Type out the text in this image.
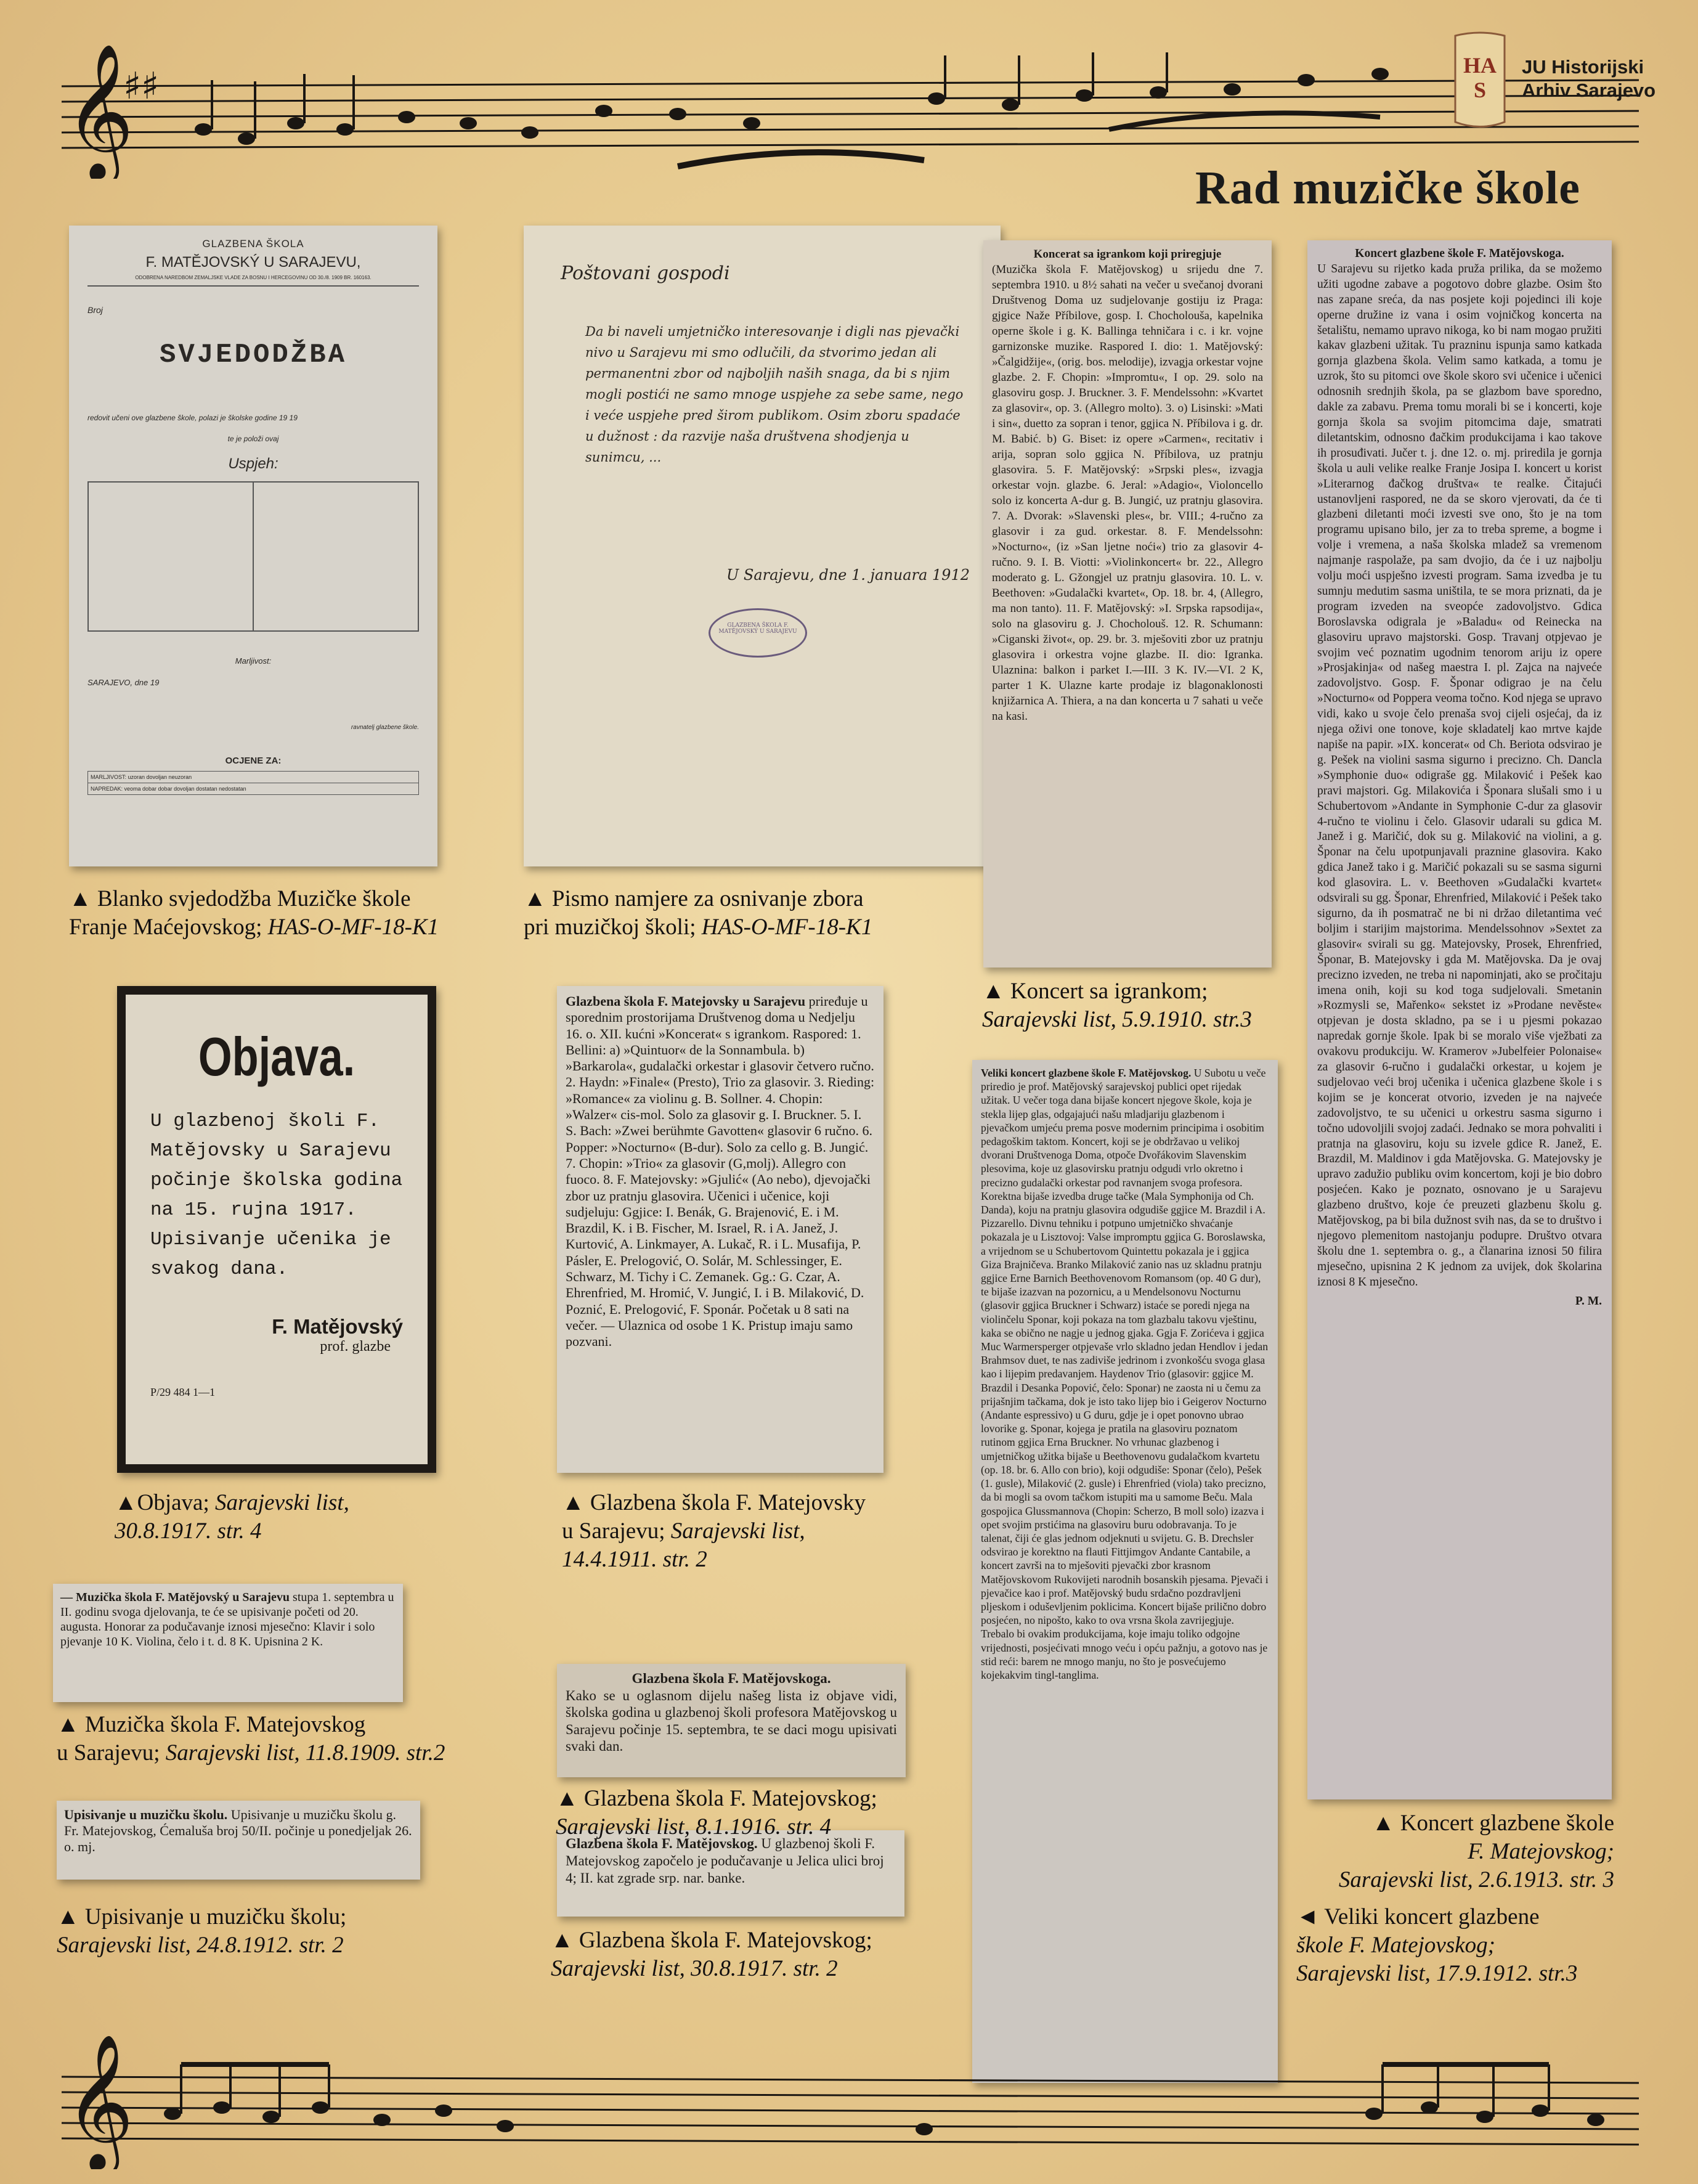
𝄞
♯♯	HA
S
JU Historijski
Arhiv Sarajevo
Rad muzičke škole
GLAZBENA ŠKOLA
F. MATĔJOVSKÝ U SARAJEVU,
ODOBRENA NAREDBOM ZEMALJSKE VLADE ZA BOSNU I HERCEGOVINU OD 30./8. 1909 BR. 160163.
Broj
SVJEDODŽBA
redovit učeni ove glazbene škole, polazi je školske godine 19 19
te je položi ovaj
Uspjeh:
Marljivost:
SARAJEVO, dne 19
ravnatelj glazbene škole.
OCJENE ZA:
MARLJIVOST: uzoran dovoljan neuzoran
NAPREDAK: veoma dobar dobar dovoljan dostatan nedostatan
Poštovani gospodi
Da bi naveli umjetničko interesovanje i digli nas pjevački nivo u Sarajevu mi smo odlučili, da stvorimo jedan ali permanentni zbor od najboljih naših snaga, da bi s njim mogli postići ne samo mnoge uspjehe za sebe same, nego i veće uspjehe pred širom publikom. Osim zboru spadaće u dužnost : da razvije naša društvena shodjenja u sunimcu, ...
U Sarajevu, dne 1. januara 1912
GLAZBENA ŠKOLA F. MATĔJOVSKÝ U SARAJEVU
Koncerat sa igrankom koji priregjuje

(Muzička škola F. Matějovskog) u srijedu dne 7. septembra 1910. u 8½ sahati na večer u svečanoj dvorani Društvenog Doma uz sudjelovanje gostiju iz Praga: gjgice Naže Příbilove, gosp. I. Chocholouša, kapelnika operne škole i g. K. Ballinga tehničara i c. i kr. vojne garnizonske muzike. Raspored I. dio: 1. Matějovský: »Čalgidžije«, (orig. bos. melodije), izvagja orkestar vojne glazbe. 2. F. Chopin: »Impromtu«, I op. 29. solo na glasoviru gosp. J. Bruckner. 3. F. Mendelssohn: »Kvartet za glasovir«, op. 3. (Allegro molto). 3. o) Lisinski: »Mati i sin«, duetto za sopran i tenor, ggjica N. Příbilova i g. dr. M. Babić. b) G. Biset: iz opere »Carmen«, recitativ i arija, sopran solo ggjica N. Příbilova, uz pratnju glasovira. 5. F. Matějovský: »Srpski ples«, izvagja orkestar vojn. glazbe. 6. Jeral: »Adagio«, Violoncello solo iz koncerta A-dur g. B. Jungić, uz pratnju glasovira. 7. A. Dvorak: »Slavenski ples«, br. VIII.; 4-ručno za glasovir i za gud. orkestar. 8. F. Mendelssohn: »Nocturno«, (iz »San ljetne noći«) trio za glasovir 4-ručno. 9. I. B. Viotti: »Violinkoncert« br. 22., Allegro moderato g. L. Gžongjel uz pratnju glasovira. 10. L. v. Beethoven: »Gudalački kvartet«, Op. 18. br. 4, (Allegro, ma non tanto). 11. F. Matějovský: »I. Srpska rapsodija«, solo na glasoviru g. J. Chocholouš. 12. R. Schumann: »Ciganski život«, op. 29. br. 3. mješoviti zbor uz pratnju glasovira i orkestra vojne glazbe. II. dio: Igranka. Ulaznina: balkon i parket I.—III. 3 K. IV.—VI. 2 K, parter 1 K. Ulazne karte prodaje iz blagonaklonosti knjižarnica A. Thiera, a na dan koncerta u 7 sahati u veče na kasi.

Koncert glazbene škole F. Matějovskoga.

U Sarajevu su rijetko kada pruža prilika, da se možemo užiti ugodne zabave a pogotovo dobre glazbe. Osim što nas zapane sreća, da nas posjete koji pojedinci ili koje operne družine iz vana i osim vojničkog koncerta na šetalištu, nemamo upravo nikoga, ko bi nam mogao pružiti kakav glazbeni užitak. Tu prazninu ispunja samo katkada gornja glazbena škola. Velim samo katkada, a tomu je uzrok, što su pitomci ove škole skoro svi učenice i učenici odnosnih srednjih škola, pa se glazbom bave sporedno, dakle za zabavu. Prema tomu morali bi se i koncerti, koje gornja škola sa svojim pitomcima daje, smatrati diletantskim, odnosno đačkim produkcijama i kao takove ih prosuđivati. Jučer t. j. dne 12. o. mj. priredila je gornja škola u auli velike realke Franje Josipa I. koncert u korist »Literarnog đačkog društva« te realke. Čitajući ustanovljeni raspored, ne da se skoro vjerovati, da će ti glazbeni diletanti moći izvesti sve ono, što je na tom programu upisano bilo, jer za to treba spreme, a bogme i volje i vremena, a naša školska mladež sa vremenom najmanje raspolaže, pa sam dvojio, da će i uz najbolju volju moći uspješno izvesti program. Sama izvedba je tu sumnju medutim sasma uništila, te se mora priznati, da je program izveden na sveopće zadovoljstvo. Gdica Boroslavska odigrala je »Baladu« od Reinecka na glasoviru upravo majstorski. Gosp. Travanj otpjevao je svojim već poznatim ugodnim tenorom ariju iz opere »Prosjakinja« od našeg maestra I. pl. Zajca na najveće zadovoljstvo. Gosp. F. Šponar odigrao je na čelu »Nocturno« od Poppera veoma točno. Kod njega se upravo vidi, kako u svoje čelo prenaša svoj cijeli osjećaj, da iz njega oživi one tonove, koje skladatelj kao mrtve kajde napiše na papir. »IX. koncerat« od Ch. Beriota odsvirao je g. Pešek na violini sasma sigurno i precizno. Ch. Dancla »Symphonie duo« odigraše gg. Milaković i Pešek kao pravi majstori. Gg. Milakovića i Šponara slušali smo i u Schubertovom »Andante in Symphonie C-dur za glasovir 4-ručno te violinu i čelo. Glasovir udarali su gdica M. Janež i g. Maričić, dok su g. Milaković na violini, a g. Šponar na čelu upotpunjavali praznine glasovira. Kako gdica Janež tako i g. Maričić pokazali su se sasma sigurni kod glasovira. L. v. Beethoven »Gudalački kvartet« odsvirali su gg. Šponar, Ehrenfried, Milaković i Pešek tako sigurno, da ih posmatrač ne bi ni držao diletantima već boljim i starijim majstorima. Mendelssohnov »Sextet za glasovir« svirali su gg. Matejovsky, Prosek, Ehrenfried, Šponar, B. Matejovsky i gda M. Matějovska. Da je ovaj precizno izveden, ne treba ni napominjati, ako se pročitaju imena onih, koji su kod toga sudjelovali. Smetanin »Rozmysli se, Mařenko« sekstet iz »Prodane nevěste« otpjevan je dosta skladno, pa se i u pjesmi pokazao napredak gornje škole. Ipak bi se moralo više vježbati za ovakovu produkciju. W. Kramerov »Jubelfeier Polonaise« za glasovir 6-ručno i gudalački orkestar, u kojem je sudjelovao veći broj učenika i učenica glazbene škole i s kojim se je koncerat otvorio, izveden je na najveće zadovoljstvo, te su učenici u orkestru sasma sigurno i točno udovoljili svojoj zadaći. Jednako se mora pohvaliti i pratnja na glasoviru, koju su izvele gdice R. Janež, E. Brazdil, M. Maldinov i gda Matějovska. G. Matejovsky je upravo zadužio publiku ovim koncertom, koji je bio dobro posjećen. Kako je poznato, osnovano je u Sarajevu glazbeno društvo, koje će preuzeti glazbenu školu g. Matějovskog, pa bi bila dužnost svih nas, da se to društvo i njegovo plemenitom nastojanju podupre. Društvo otvara školu dne 1. septembra o. g., a članarina iznosi 50 filira mjesečno, upisnina 2 K jednom za uvijek, dok školarina iznosi 8 K mjesečno.

P. M.
Objava.
U glazbenoj školi F. Matějovsky u Sarajevu počinje školska godina na 15. rujna 1917. Upisivanje učenika je svakog dana.
F. Matějovský
prof. glazbe
P/29 484 1—1
Glazbena škola F. Matejovsky u Sarajevu priređuje u sporednim prostorijama Društvenog doma u Nedjelju 16. o. XII. kućni »Koncerat« s igrankom. Raspored: 1. Bellini: a) »Quintuor« de la Sonnambula. b) »Barkarola«, gudalački orkestar i glasovir četvero ručno. 2. Haydn: »Finale« (Presto), Trio za glasovir. 3. Rieding: »Romance« za violinu g. B. Sollner. 4. Chopin: »Walzer« cis-mol. Solo za glasovir g. I. Bruckner. 5. I. S. Bach: »Zwei berühmte Gavotten« glasovir 6 ručno. 6. Popper: »Nocturno« (B-dur). Solo za cello g. B. Jungić. 7. Chopin: »Trio« za glasovir (G,molj). Allegro con fuoco. 8. F. Matejovsky: »Gjulić« (Ao nebo), djevojački zbor uz pratnju glasovira. Učenici i učenice, koji sudjeluju: Ggjice: I. Benák, G. Brajenović, E. i M. Brazdil, K. i B. Fischer, M. Israel, R. i A. Janež, J. Kurtović, A. Linkmayer, A. Lukač, R. i L. Musafija, P. Pásler, E. Prelogović, O. Solár, M. Schlessinger, E. Schwarz, M. Tichy i C. Zemanek. Gg.: G. Czar, A. Ehrenfried, M. Hromić, V. Jungić, I. i B. Milaković, D. Poznić, E. Prelogović, F. Sponár. Početak u 8 sati na večer. — Ulaznica od osobe 1 K. Pristup imaju samo pozvani.
Veliki koncert glazbene škole F. Matějovskog. U Subotu u veče priredio je prof. Matějovský sarajevskoj publici opet rijedak užitak. U večer toga dana bijaše koncert njegove škole, koja je stekla lijep glas, odgajajući našu mladjariju glazbenom i pjevačkom umjeću prema posve modernim principima i osobitim pedagoškim taktom. Koncert, koji se je obdržavao u velikoj dvorani Društvenoga Doma, otpoče Dvořákovim Slavenskim plesovima, koje uz glasovirsku pratnju odgudi vrlo okretno i precizno gudalački orkestar pod ravnanjem svoga profesora. Korektna bijaše izvedba druge tačke (Mala Symphonija od Ch. Danda), koju na pratnju glasovira odgudiše ggjice M. Brazdil i A. Pizzarello. Divnu tehniku i potpuno umjetničko shvaćanje pokazala je u Lisztovoj: Valse impromptu ggjica G. Boroslawska, a vrijednom se u Schubertovom Quintettu pokazala je i ggjica Giza Brajničeva. Branko Milaković zanio nas uz skladnu pratnju ggjice Erne Barnich Beethovenovom Romansom (op. 40 G dur), te bijaše izazvan na pozornicu, a u Mendelsonovu Nocturnu (glasovir ggjica Bruckner i Schwarz) istaće se poredi njega na violinčelu Sponar, koji pokaza na tom glazbalu takovu vještinu, kaka se obično ne nagje u jednog gjaka. Ggja F. Zorićeva i ggjica Muc Warmersperger otpjevaše vrlo skladno jedan Hendlov i jedan Brahmsov duet, te nas zadiviše jedrinom i zvonkošću svoga glasa kao i lijepim predavanjem. Haydenov Trio (glasovir: ggjice M. Brazdil i Desanka Popović, čelo: Sponar) ne zaosta ni u čemu za prijašnjim tačkama, dok je isto tako lijep bio i Geigerov Nocturno (Andante espressivo) u G duru, gdje je i opet ponovno ubrao lovorike g. Sponar, kojega je pratila na glasoviru poznatom rutinom ggjica Erna Bruckner. No vrhunac glazbenog i umjetničkog užitka bijaše u Beethovenovu gudalačkom kvartetu (op. 18. br. 6. Allo con brio), koji odgudiše: Sponar (čelo), Pešek (1. gusle), Milaković (2. gusle) i Ehrenfried (viola) tako precizno, da bi mogli sa ovom tačkom istupiti ma u samome Beču. Mala gospojica Glussmannova (Chopin: Scherzo, B moll solo) izazva i opet svojim prstićima na glasoviru buru odobravanja. To je talenat, čiji će glas jednom odjeknuti u svijetu. G. B. Drechsler odsvirao je korektno na flauti Fittjimgov Andante Cantabile, a koncert završi na to mješoviti pjevački zbor krasnom Matějovskovom Rukovijeti narodnih bosanskih pjesama. Pjevači i pjevačice kao i prof. Matějovský budu srdačno pozdravljeni pljeskom i oduševljenim poklicima. Koncert bijaše prilično dobro posjećen, no nipošto, kako to ova vrsna škola zavrijegjuje. Trebalo bi ovakim produkcijama, koje imaju toliko odgojne vrijednosti, posjećivati mnogo veću i opću pažnju, a gotovo nas je stid reći: barem ne mnogo manju, no što je posvećujemo kojekakvim tingl-tanglima.
— Muzička škola F. Matějovský u Sarajevu stupa 1. septembra u II. godinu svoga djelovanja, te će se upisivanje početi od 20. augusta. Honorar za podučavanje iznosi mjesečno: Klavir i solo pjevanje 10 K. Violina, čelo i t. d. 8 K. Upisnina 2 K.
Upisivanje u muzičku školu. Upisivanje u muzičku školu g. Fr. Matejovskog, Ćemaluša broj 50/II. počinje u ponedjeljak 26. o. mj.
Glazbena škola F. Matějovskoga.

Kako se u oglasnom dijelu našeg lista iz objave vidi, školska godina u glazbenoj školi profesora Matějovskog u Sarajevu počinje 15. septembra, te se daci mogu upisivati svaki dan.

Glazbena škola F. Matějovskog. U glazbenoj školi F. Matejovskog započelo je podučavanje u Jelica ulici broj 4; II. kat zgrade srp. nar. banke.
▲ Blanko svjedodžba Muzičke škole
Franje Maćejovskog; HAS-O-MF-18-K1
▲ Pismo namjere za osnivanje zbora
pri muzičkoj školi; HAS-O-MF-18-K1
▲ Koncert sa igrankom;
Sarajevski list, 5.9.1910. str.3
▲Objava; Sarajevski list,
30.8.1917. str. 4
▲ Glazbena škola F. Matejovsky
u Sarajevu; Sarajevski list,
14.4.1911. str. 2
▲ Muzička škola F. Matejovskog
u Sarajevu; Sarajevski list, 11.8.1909. str.2
▲ Glazbena škola F. Matejovskog;
Sarajevski list, 8.1.1916. str. 4
▲ Upisivanje u muzičku školu;
Sarajevski list, 24.8.1912. str. 2	▲ Glazbena škola F. Matejovskog;
Sarajevski list, 30.8.1917. str. 2
▲ Koncert glazbene škole
F. Matejovskog;
Sarajevski list, 2.6.1913. str. 3
◄ Veliki koncert glazbene
škole F. Matejovskog;
Sarajevski list, 17.9.1912. str.3
𝄞
